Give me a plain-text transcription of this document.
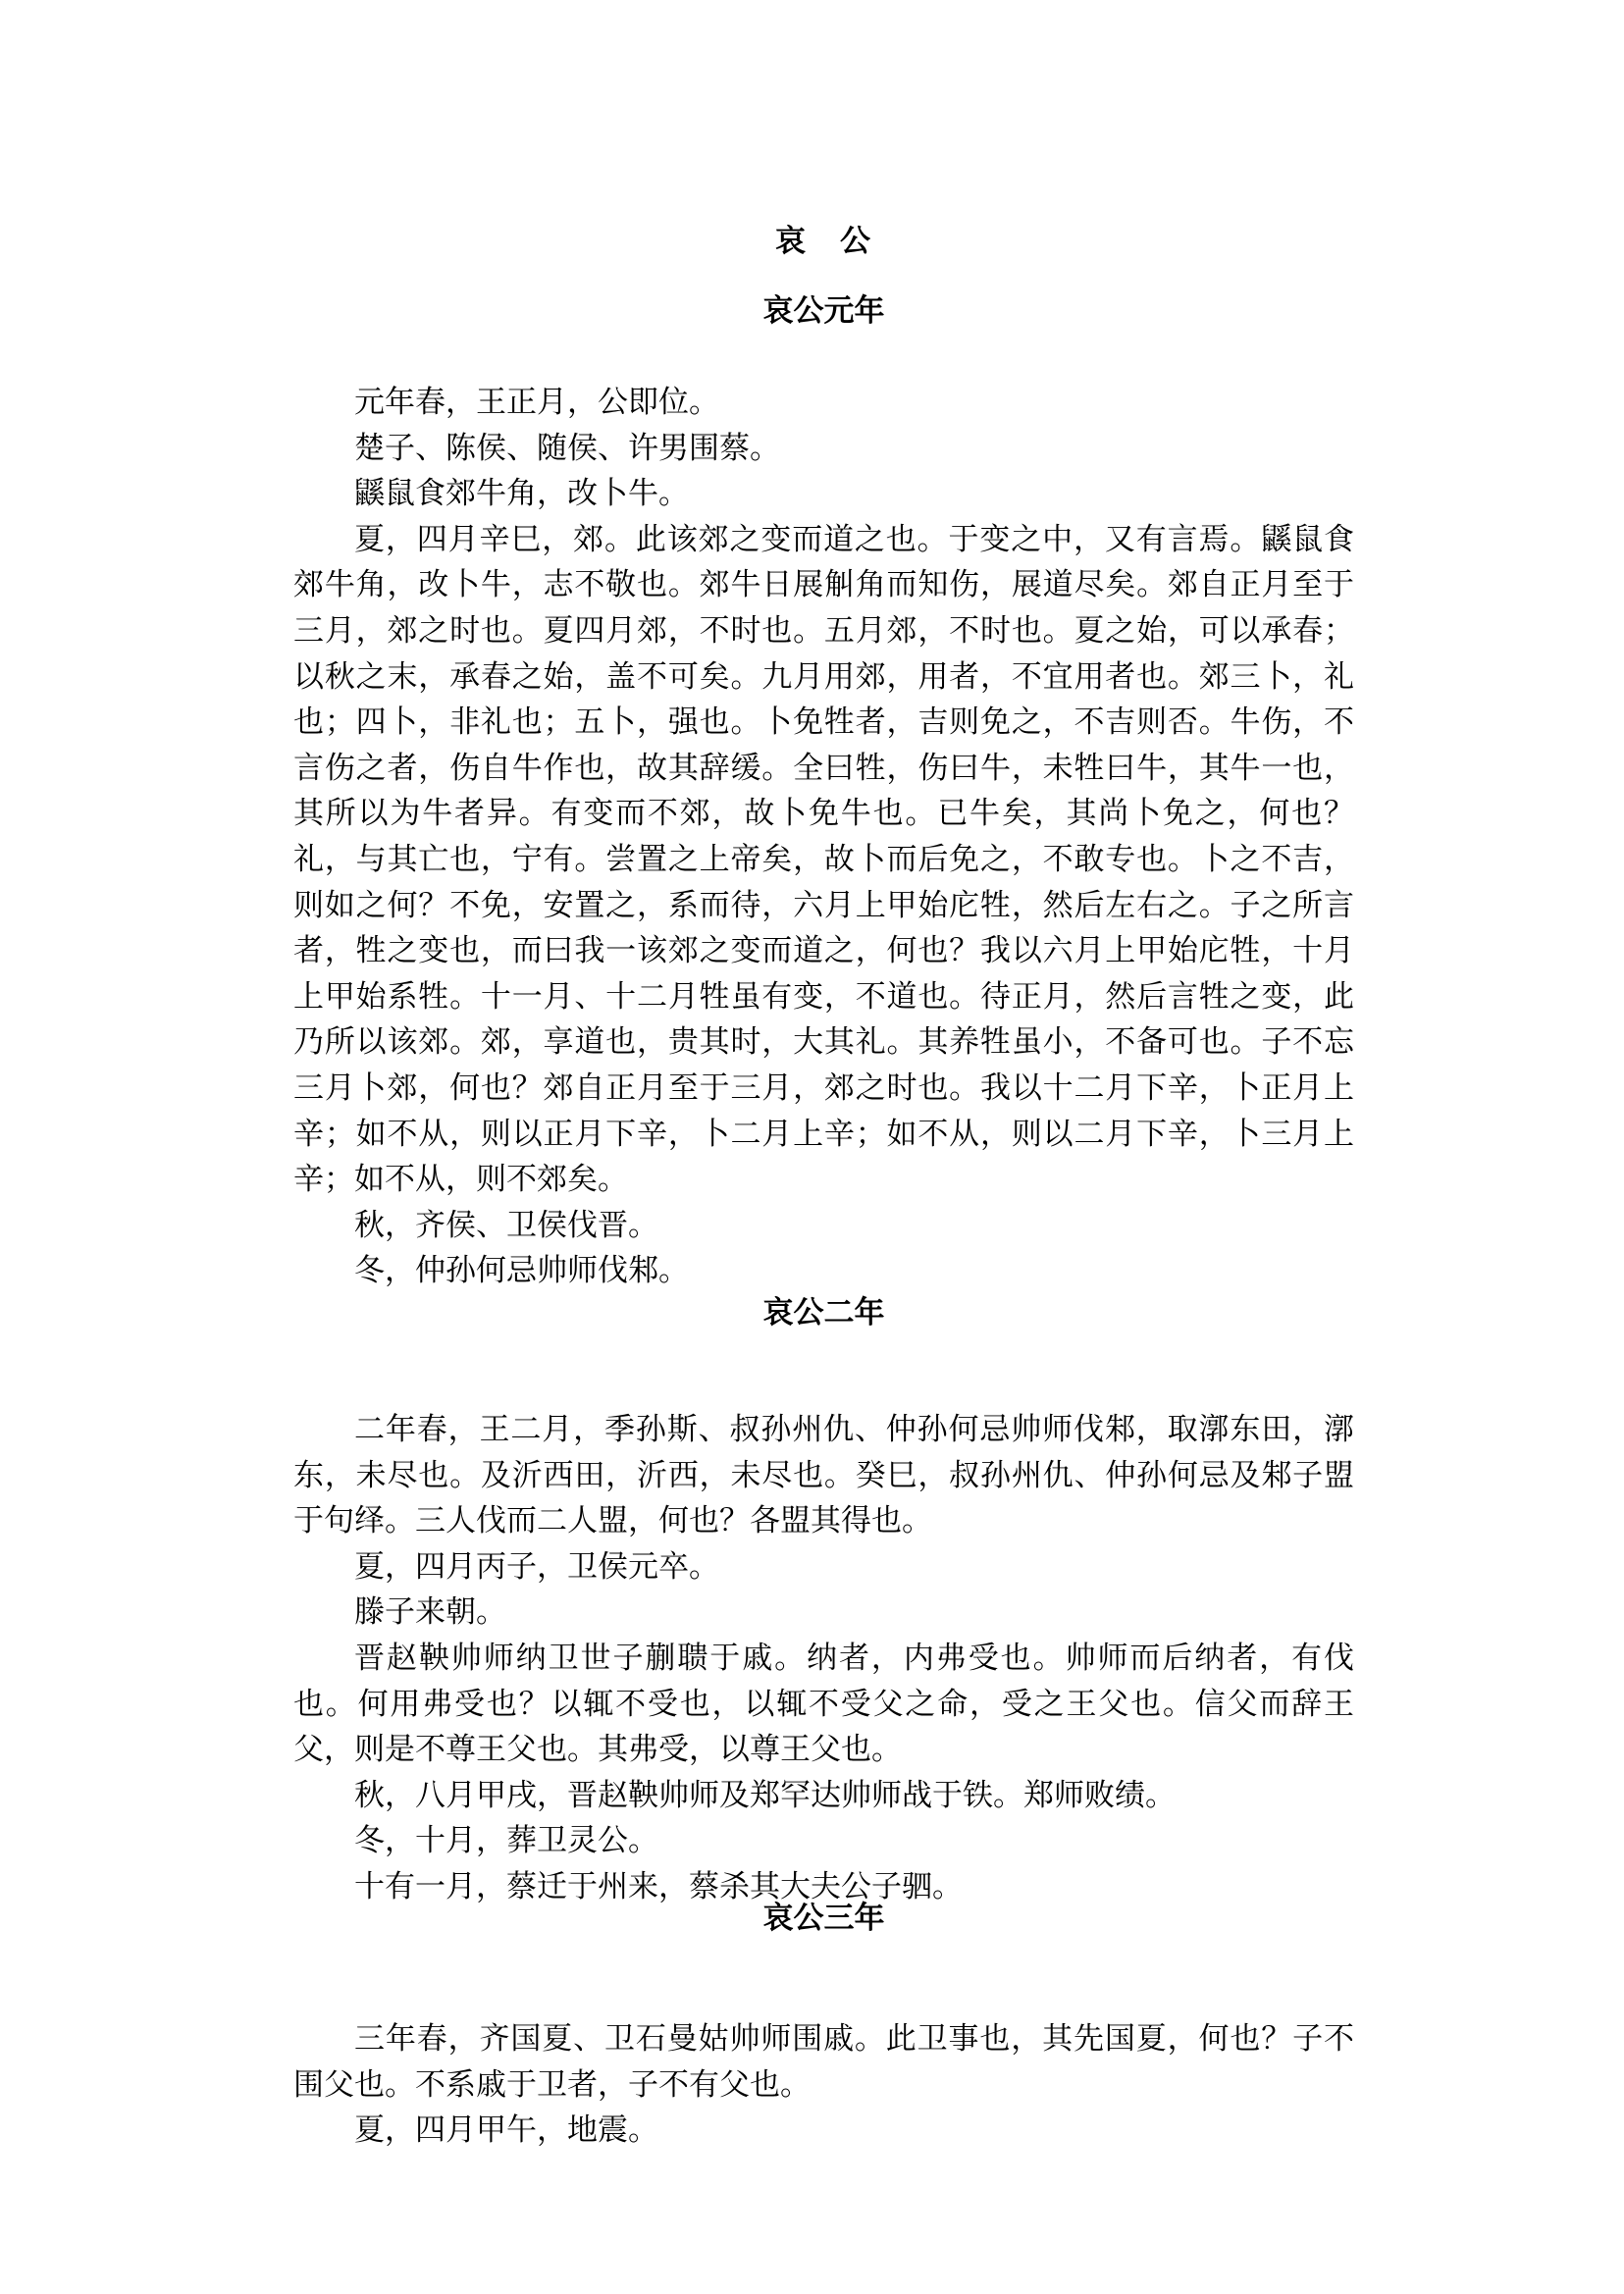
哀　公
哀公元年

元年春，王正月，公即位。

楚子、陈侯、随侯、许男围蔡。

鼷鼠食郊牛角，改卜牛。

夏，四月辛巳，郊。此该郊之变而道之也。于变之中，又有言焉。鼷鼠食郊牛角，改卜牛，志不敬也。郊牛日展觓角而知伤，展道尽矣。郊自正月至于三月，郊之时也。夏四月郊，不时也。五月郊，不时也。夏之始，可以承春；以秋之末，承春之始，盖不可矣。九月用郊，用者，不宜用者也。郊三卜，礼也；四卜，非礼也；五卜，强也。卜免牲者，吉则免之，不吉则否。牛伤，不言伤之者，伤自牛作也，故其辞缓。全曰牲，伤曰牛，未牲曰牛，其牛一也，其所以为牛者异。有变而不郊，故卜免牛也。已牛矣，其尚卜免之，何也？礼，与其亡也，宁有。尝置之上帝矣，故卜而后免之，不敢专也。卜之不吉，则如之何？不免，安置之，系而待，六月上甲始庀牲，然后左右之。子之所言者，牲之变也，而曰我一该郊之变而道之，何也？我以六月上甲始庀牲，十月上甲始系牲。十一月、十二月牲虽有变，不道也。待正月，然后言牲之变，此乃所以该郊。郊，享道也，贵其时，大其礼。其养牲虽小，不备可也。子不忘三月卜郊，何也？郊自正月至于三月，郊之时也。我以十二月下辛，卜正月上辛；如不从，则以正月下辛，卜二月上辛；如不从，则以二月下辛，卜三月上辛；如不从，则不郊矣。

秋，齐侯、卫侯伐晋。

冬，仲孙何忌帅师伐邾。

哀公二年

二年春，王二月，季孙斯、叔孙州仇、仲孙何忌帅师伐邾，取漷东田，漷东，未尽也。及沂西田，沂西，未尽也。癸巳，叔孙州仇、仲孙何忌及邾子盟于句绎。三人伐而二人盟，何也？各盟其得也。

夏，四月丙子，卫侯元卒。

滕子来朝。

晋赵鞅帅师纳卫世子蒯聩于戚。纳者，内弗受也。帅师而后纳者，有伐也。何用弗受也？以辄不受也，以辄不受父之命，受之王父也。信父而辞王父，则是不尊王父也。其弗受，以尊王父也。

秋，八月甲戌，晋赵鞅帅师及郑罕达帅师战于铁。郑师败绩。

冬，十月，葬卫灵公。

十有一月，蔡迁于州来，蔡杀其大夫公子驷。

哀公三年

三年春，齐国夏、卫石曼姑帅师围戚。此卫事也，其先国夏，何也？子不围父也。不系戚于卫者，子不有父也。

夏，四月甲午，地震。
